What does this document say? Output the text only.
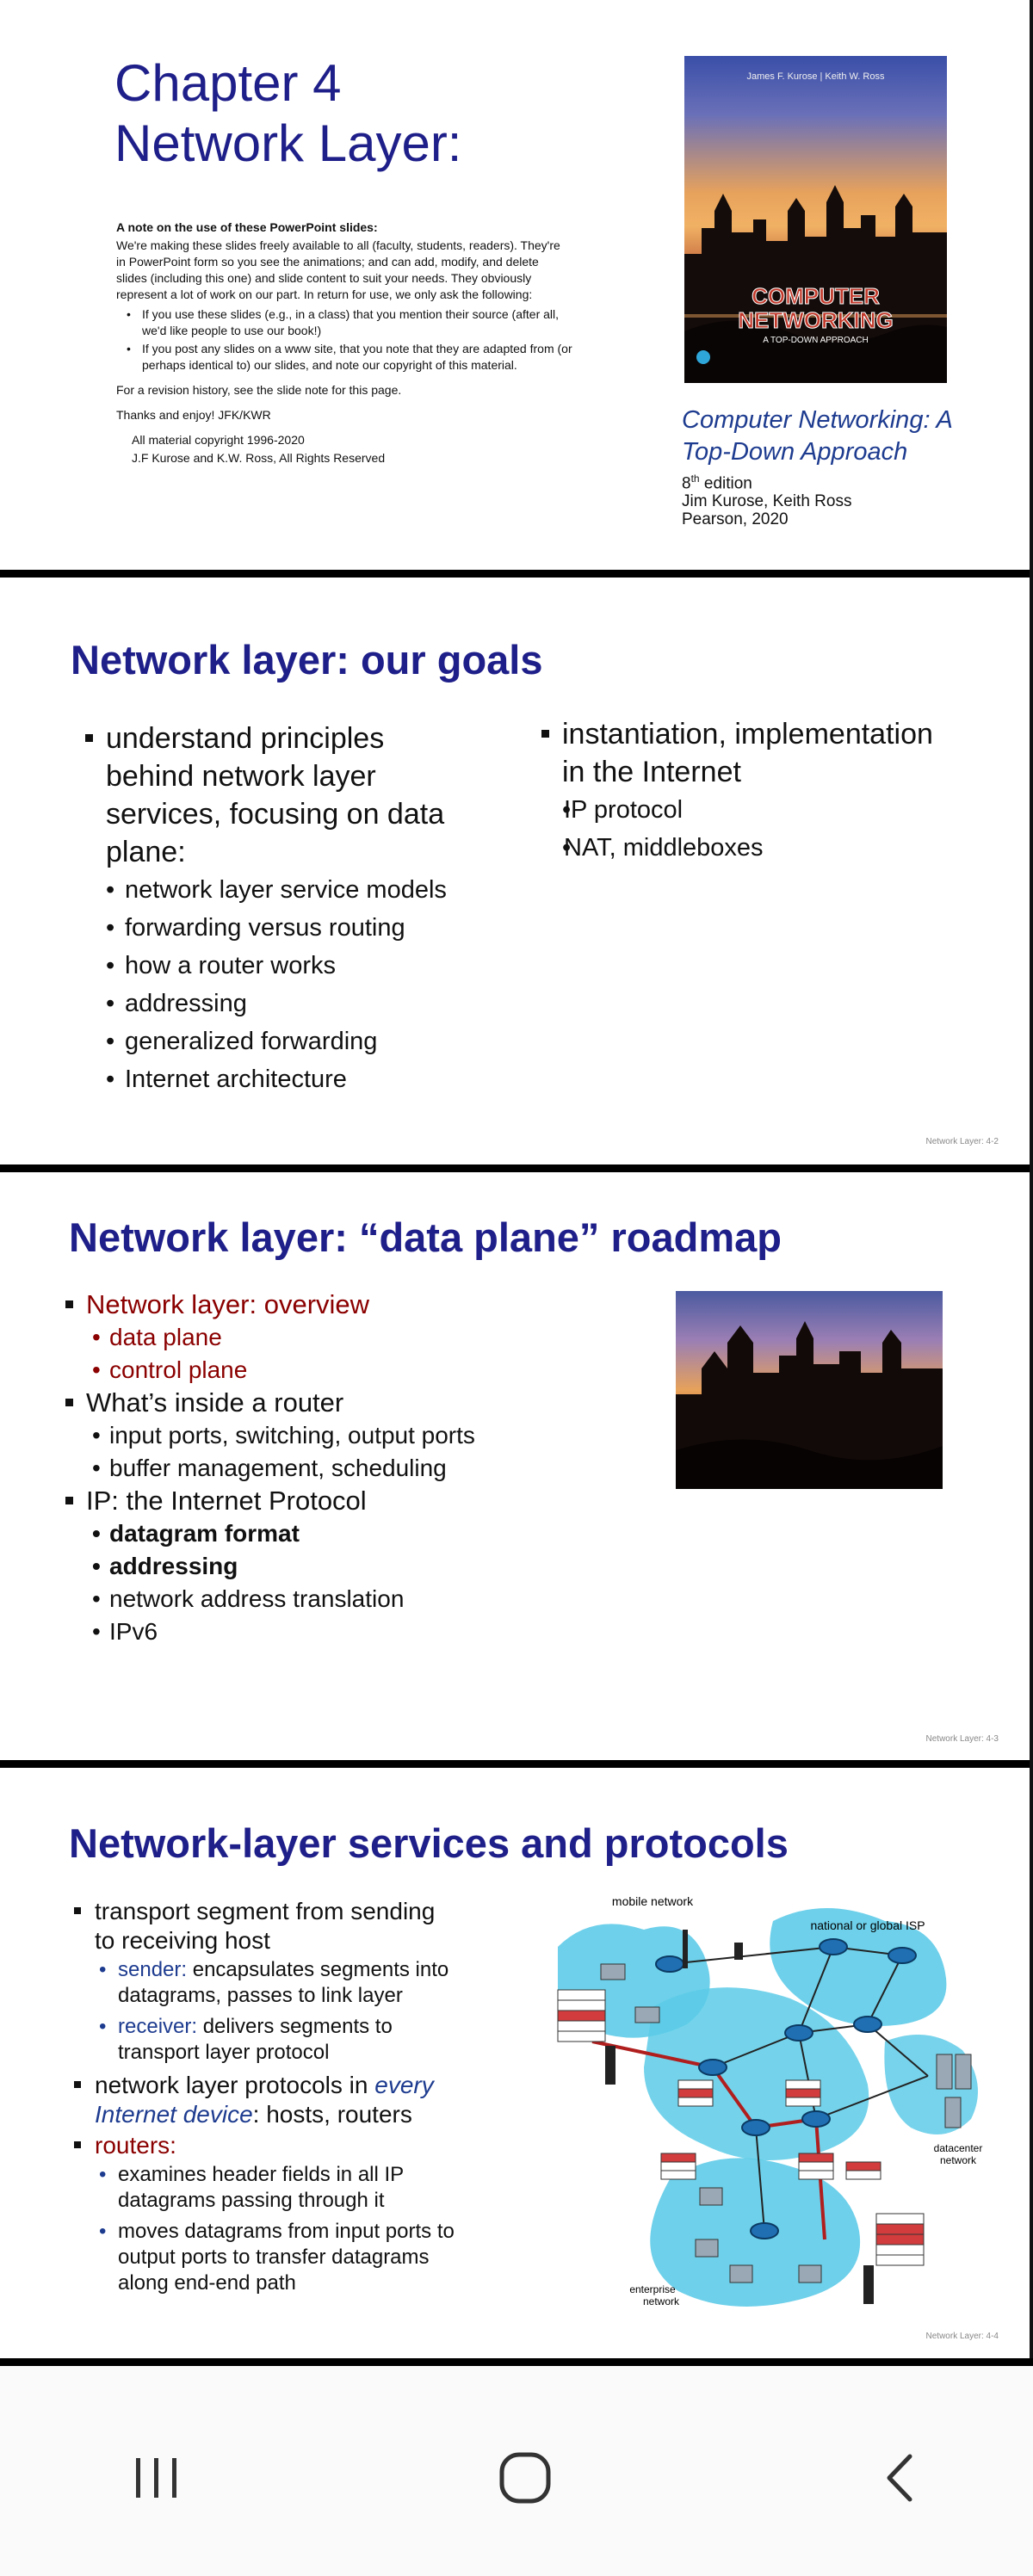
Chapter 4
Network Layer:

A note on the use of these PowerPoint slides:

We're making these slides freely available to all (faculty, students, readers). They're in PowerPoint form so you see the animations; and can add, modify, and delete slides (including this one) and slide content to suit your needs. They obviously represent a lot of work on our part. In return for use, we only ask the following:

• If you use these slides (e.g., in a class) that you mention their source (after all, we'd like people to use our book!)
• If you post any slides on a www site, that you note that they are adapted from (or perhaps identical to) our slides, and note our copyright of this material.

For a revision history, see the slide note for this page.

Thanks and enjoy! JFK/KWR

All material copyright 1996-2020

J.F Kurose and K.W. Ross, All Rights Reserved

James F. Kurose | Keith W. Ross
COMPUTER
NETWORKING
A TOP-DOWN APPROACH
Computer Networking: A
Top-Down Approach
8th edition
Jim Kurose, Keith Ross
Pearson, 2020
Network layer: our goals
understand principles
behind network layer
services, focusing on data
plane:
• network layer service models
• forwarding versus routing
• how a router works
• addressing
• generalized forwarding
• Internet architecture
instantiation, implementation
in the Internet
• IP protocol
• NAT, middleboxes
Network Layer: 4-2
Network layer: “data plane” roadmap
Network layer: overview
• data plane
• control plane
What’s inside a router
• input ports, switching, output ports
• buffer management, scheduling
IP: the Internet Protocol
• datagram format
• addressing
• network address translation
• IPv6
Network Layer: 4-3
Network-layer services and protocols
transport segment from sending
to receiving host
• sender: encapsulates segments into
datagrams, passes to link layer
• receiver: delivers segments to
transport layer protocol
network layer protocols in every
Internet device: hosts, routers
routers:
• examines header fields in all IP
datagrams passing through it
• moves datagrams from input ports to
output ports to transfer datagrams
along end-end path
mobile network
national or global ISP
datacenter
network
enterprise
network
Network Layer: 4-4
